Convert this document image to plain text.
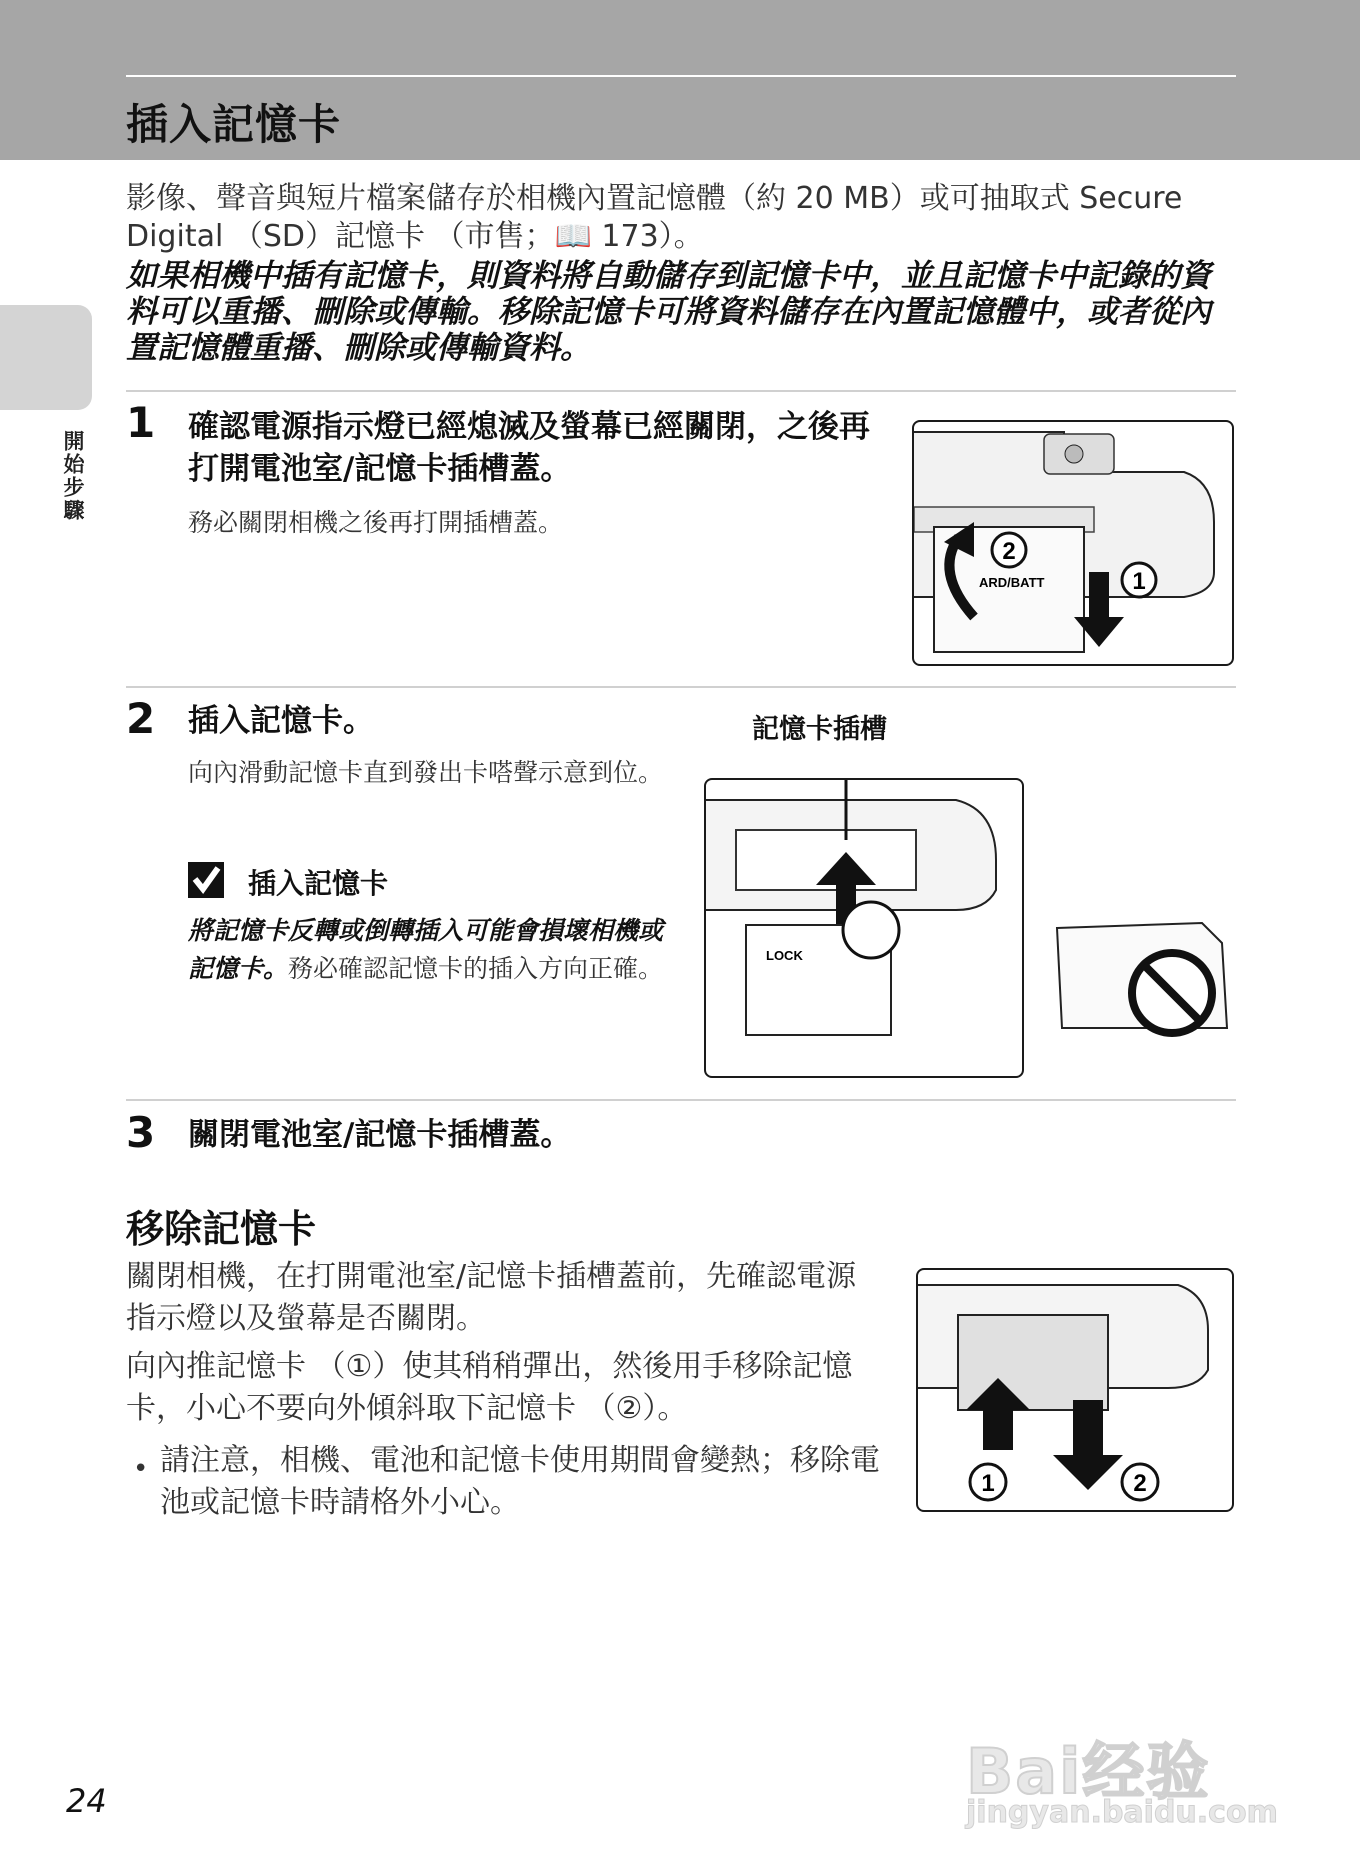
插入記憶卡
開始步驟

影像、聲音與短片檔案儲存於相機內置記憶體（約 20 MB）或可抽取式 Secure Digital （SD）記憶卡 （市售；📖 173）。

如果相機中插有記憶卡，則資料將自動儲存到記憶卡中，並且記憶卡中記錄的資料可以重播、刪除或傳輸。移除記憶卡可將資料儲存在內置記憶體中，或者從內置記憶體重播、刪除或傳輸資料。

1 確認電源指示燈已經熄滅及螢幕已經關閉，之後再打開電池室/記憶卡插槽蓋。
務必關閉相機之後再打開插槽蓋。
2
1
ARD/BATT
2 插入記憶卡。
向內滑動記憶卡直到發出卡嗒聲示意到位。
記憶卡插槽
LOCK
插入記憶卡
將記憶卡反轉或倒轉插入可能會損壞相機或記憶卡。務必確認記憶卡的插入方向正確。
3 關閉電池室/記憶卡插槽蓋。
移除記憶卡

關閉相機，在打開電池室/記憶卡插槽蓋前，先確認電源指示燈以及螢幕是否關閉。

向內推記憶卡 （①）使其稍稍彈出，然後用手移除記憶卡，小心不要向外傾斜取下記憶卡 （②）。

• 請注意，相機、電池和記憶卡使用期間會變熱；移除電池或記憶卡時請格外小心。

1	2
24	Bai经验
jingyan.baidu.com
